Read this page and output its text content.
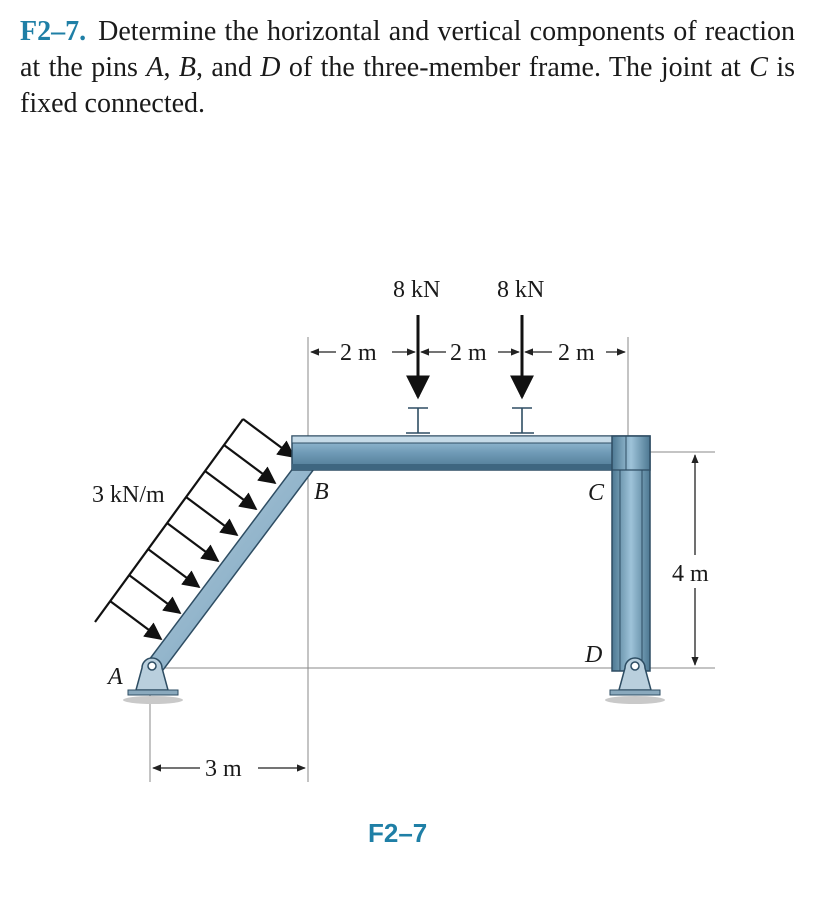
F2–7. Determine the horizontal and vertical components of reaction at the pins A, B, and D of the three-member frame. The joint at C is fixed connected.
8 kN 8 kN
3 kN/m
2 m	2 m	2 m
4 m
3 m
A
B	C
D
F2–7
